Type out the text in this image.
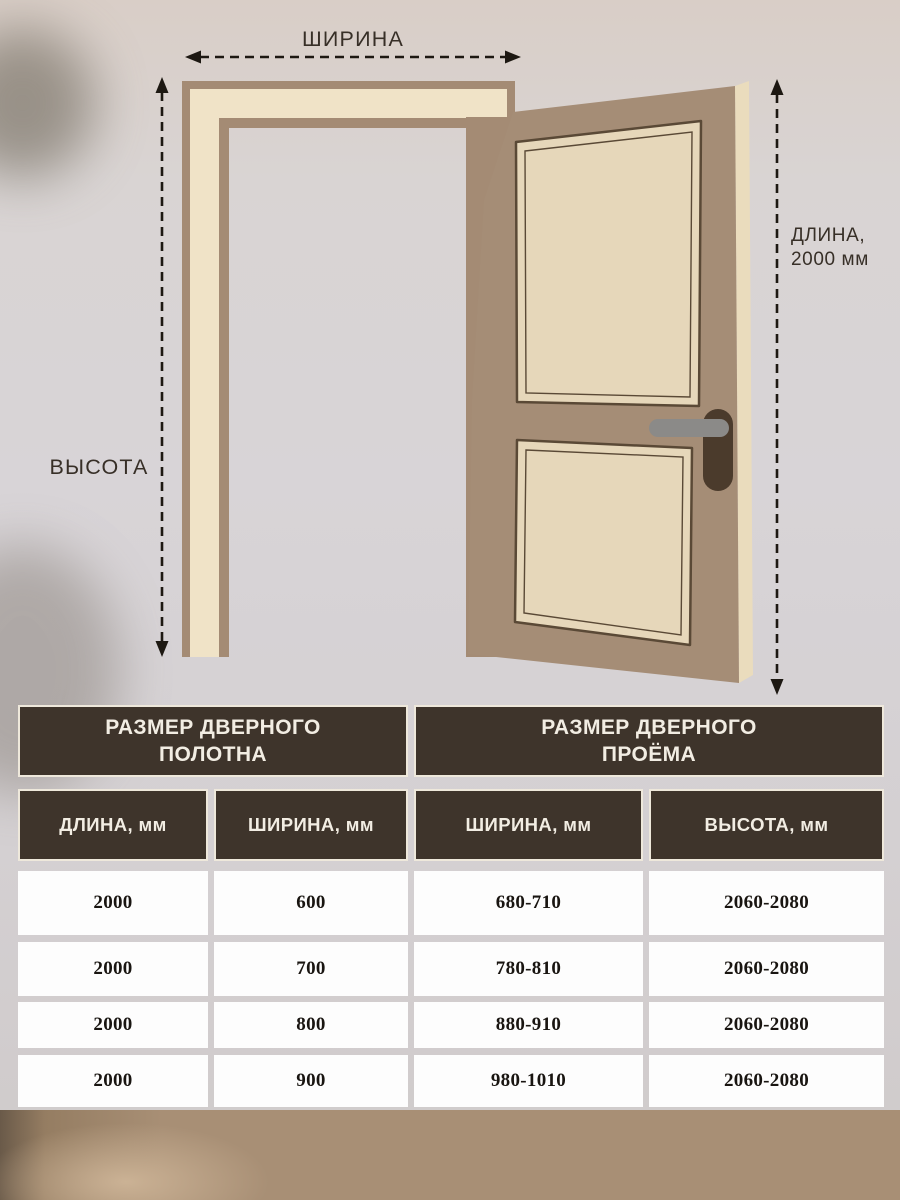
ШИРИНА
ВЫСОТА
ДЛИНА,
2000 мм
РАЗМЕР ДВЕРНОГО
ПОЛОТНА
РАЗМЕР ДВЕРНОГО
ПРОЁМА
ДЛИНА, мм	ШИРИНА, мм	ШИРИНА, мм	ВЫСОТА, мм
2000	600	680-710	2060-2080
2000	700	780-810	2060-2080
2000	800	880-910	2060-2080
2000	900	980-1010	2060-2080
